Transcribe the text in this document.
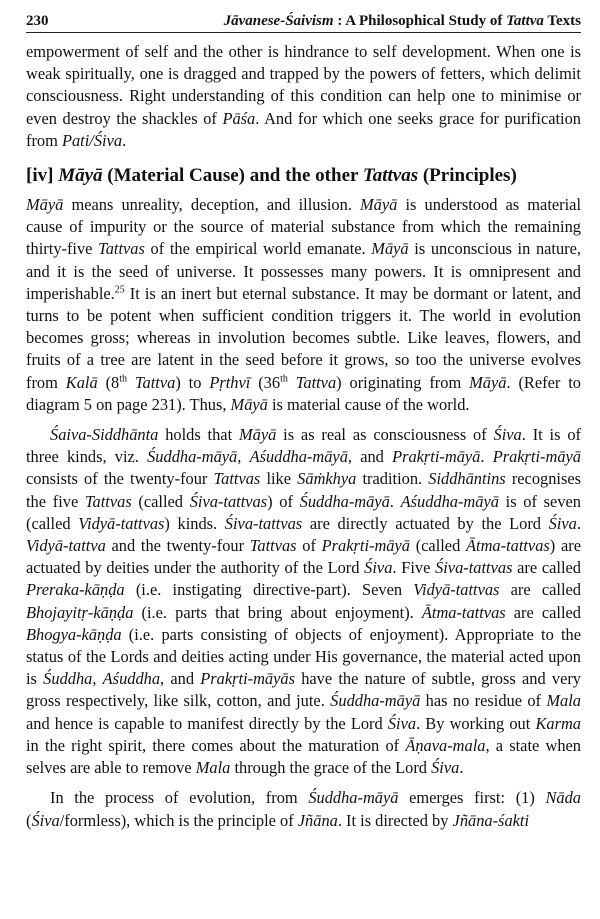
230	Jāvanese-Śaivism : A Philosophical Study of Tattva Texts

empowerment of self and the other is hindrance to self development. When one is weak spiritually, one is dragged and trapped by the powers of fetters, which delimit consciousness. Right understanding of this condition can help one to minimise or even destroy the shackles of Pāśa. And for which one seeks grace for purification from Pati/Śiva.

[iv] Māyā (Material Cause) and the other Tattvas (Principles)

Māyā means unreality, deception, and illusion. Māyā is understood as material cause of impurity or the source of material substance from which the remaining thirty-five Tattvas of the empirical world emanate. Māyā is unconscious in nature, and it is the seed of universe. It possesses many powers. It is omnipresent and imperishable.$^{25}$ It is an inert but eternal substance. It may be dormant or latent, and turns to be potent when sufficient condition triggers it. The world in evolution becomes gross; whereas in involution becomes subtle. Like leaves, flowers, and fruits of a tree are latent in the seed before it grows, so too the universe evolves from Kalā (8th Tattva) to Pṛthvī (36th Tattva) originating from Māyā. (Refer to diagram 5 on page 231). Thus, Māyā is material cause of the world.

Śaiva-Siddhānta holds that Māyā is as real as consciousness of Śiva. It is of three kinds, viz. Śuddha-māyā, Aśuddha-māyā, and Prakṛti-māyā. Prakṛti-māyā consists of the twenty-four Tattvas like Sāṁkhya tradition. Siddhāntins recognises the five Tattvas (called Śiva-tattvas) of Śuddha-māyā. Aśuddha-māyā is of seven (called Vidyā-tattvas) kinds. Śiva-tattvas are directly actuated by the Lord Śiva. Vidyā-tattva and the twenty-four Tattvas of Prakṛti-māyā (called Ātma-tattvas) are actuated by deities under the authority of the Lord Śiva. Five Śiva-tattvas are called Preraka-kāṇḍa (i.e. instigating directive-part). Seven Vidyā-tattvas are called Bhojayitṛ-kāṇḍa (i.e. parts that bring about enjoyment). Ātma-tattvas are called Bhogya-kāṇḍa (i.e. parts consisting of objects of enjoyment). Appropriate to the status of the Lords and deities acting under His governance, the material acted upon is Śuddha, Aśuddha, and Prakṛti-māyās have the nature of subtle, gross and very gross respectively, like silk, cotton, and jute. Śuddha-māyā has no residue of Mala and hence is capable to manifest directly by the Lord Śiva. By working out Karma in the right spirit, there comes about the maturation of Āṇava-mala, a state when selves are able to remove Mala through the grace of the Lord Śiva.

In the process of evolution, from Śuddha-māyā emerges first: (1) Nāda (Śiva/formless), which is the principle of Jñāna. It is directed by Jñāna-śakti
